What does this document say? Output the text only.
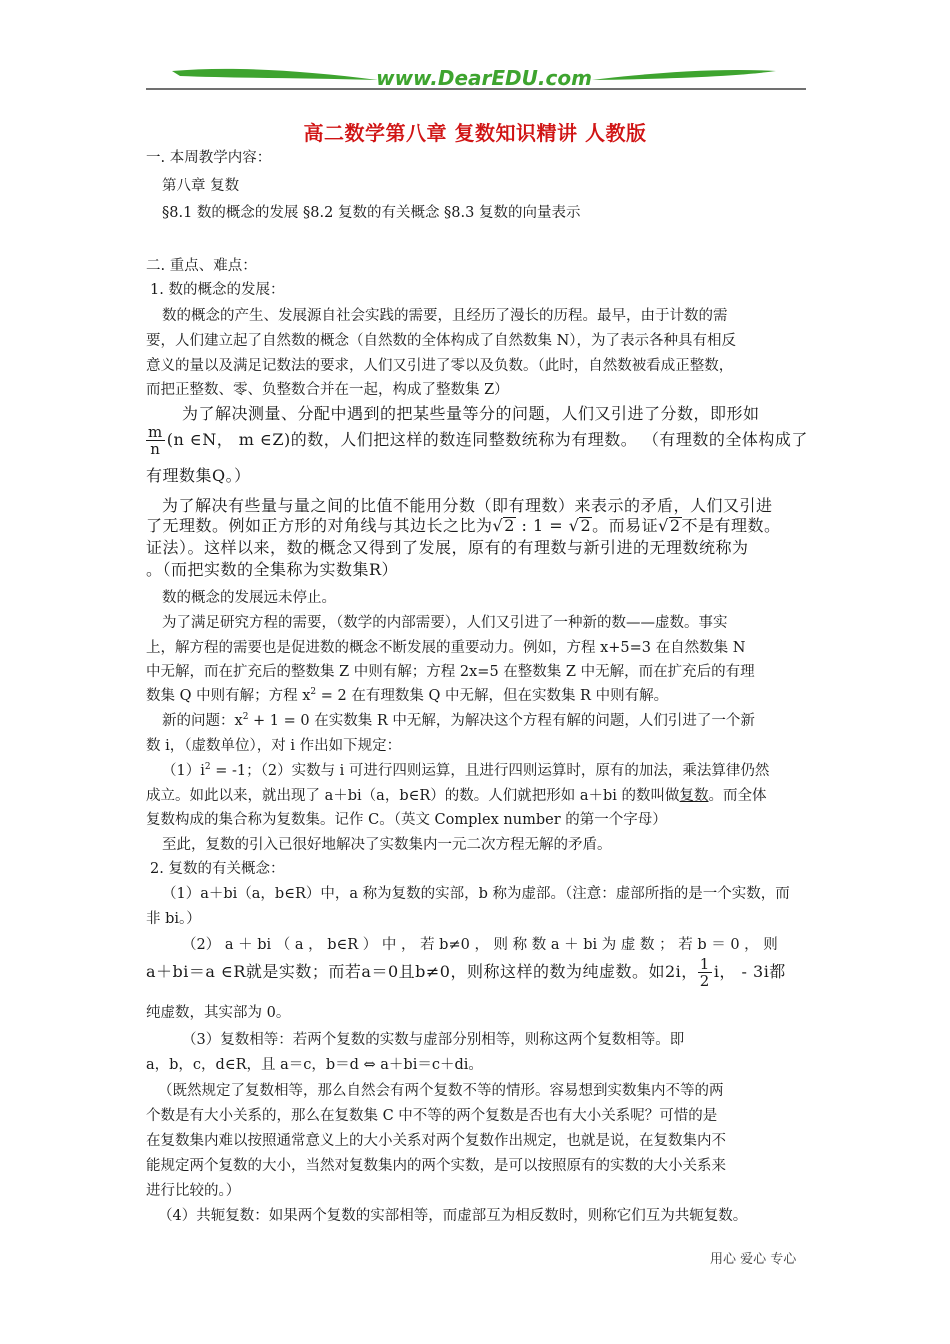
www.DearEDU.com
高二数学第八章 复数知识精讲 人教版
一. 本周教学内容：
第八章 复数
§8.1 数的概念的发展 §8.2 复数的有关概念 §8.3 复数的向量表示
二. 重点、难点：
1. 数的概念的发展：
数的概念的产生、发展源自社会实践的需要，且经历了漫长的历程。最早，由于计数的需
要，人们建立起了自然数的概念（自然数的全体构成了自然数集 N），为了表示各种具有相反
意义的量以及满足记数法的要求，人们又引进了零以及负数。（此时，自然数被看成正整数，
而把正整数、零、负整数合并在一起，构成了整数集 Z）
为了解决测量、分配中遇到的把某些量等分的问题，人们又引进了分数，即形如
$\frac{m}{n} (n$ ∈N， m ∈Z)的数，人们把这样的数连同整数统称为有理数。 （有理数的全体构成了
有理数集Q。）
为了解决有些量与量之间的比值不能用分数（即有理数）来表示的矛盾，人们又引进
了无理数。例如正方形的对角线与其边长之比为√2 : 1 = √2。而易证√2不是有理数。
证法）。这样以来，数的概念又得到了发展，原有的有理数与新引进的无理数统称为
。（而把实数的全集称为实数集R）
数的概念的发展远未停止。
为了满足研究方程的需要，（数学的内部需要），人们又引进了一种新的数——虚数。事实
上，解方程的需要也是促进数的概念不断发展的重要动力。例如，方程 x+5=3 在自然数集 N
中无解，而在扩充后的整数集 Z 中则有解；方程 2x=5 在整数集 Z 中无解，而在扩充后的有理
数集 Q 中则有解；方程 $x^2 = 2$ 在有理数集 Q 中无解，但在实数集 R 中则有解。
新的问题：$x^2 + 1 = 0$ 在实数集 R 中无解，为解决这个方程有解的问题，人们引进了一个新
数 i，（虚数单位），对 i 作出如下规定：
$(1)i^2 = -1$；（2）实数与 i 可进行四则运算，且进行四则运算时，原有的加法，乘法算律仍然
成立。如此以来，就出现了 a＋bi（a，b∈R）的数。人们就把形如 a＋bi 的数叫做复数。而全体
复数构成的集合称为复数集。记作 C。（英文 Complex number 的第一个字母）
至此，复数的引入已很好地解决了实数集内一元二次方程无解的矛盾。
2. 复数的有关概念：
（1）a＋bi（a，b∈R）中，a 称为复数的实部，b 称为虚部。（注意：虚部所指的是一个实数，而
非 bi。）
（2） a ＋ bi （ a ， b∈R ） 中 ， 若 b≠0 ， 则 称 数 a ＋ bi 为 虚 数 ； 若 b ＝ 0 ， 则
a＋bi＝a ∈R就是实数；而若a＝0且b≠0，则称这样的数为纯虚数。如2i， $\frac{1}{2}$ i， - 3i都
纯虚数，其实部为 0。
（3）复数相等：若两个复数的实数与虚部分别相等，则称这两个复数相等。即
a，b，c，d∈R，且 a＝c，b＝d ⇔ a＋bi＝c＋di。
（既然规定了复数相等，那么自然会有两个复数不等的情形。容易想到实数集内不等的两
个数是有大小关系的，那么在复数集 C 中不等的两个复数是否也有大小关系呢？可惜的是
在复数集内难以按照通常意义上的大小关系对两个复数作出规定，也就是说，在复数集内不
能规定两个复数的大小，当然对复数集内的两个实数，是可以按照原有的实数的大小关系来
进行比较的。）
（4）共轭复数：如果两个复数的实部相等，而虚部互为相反数时，则称它们互为共轭复数。
用心 爱心 专心
